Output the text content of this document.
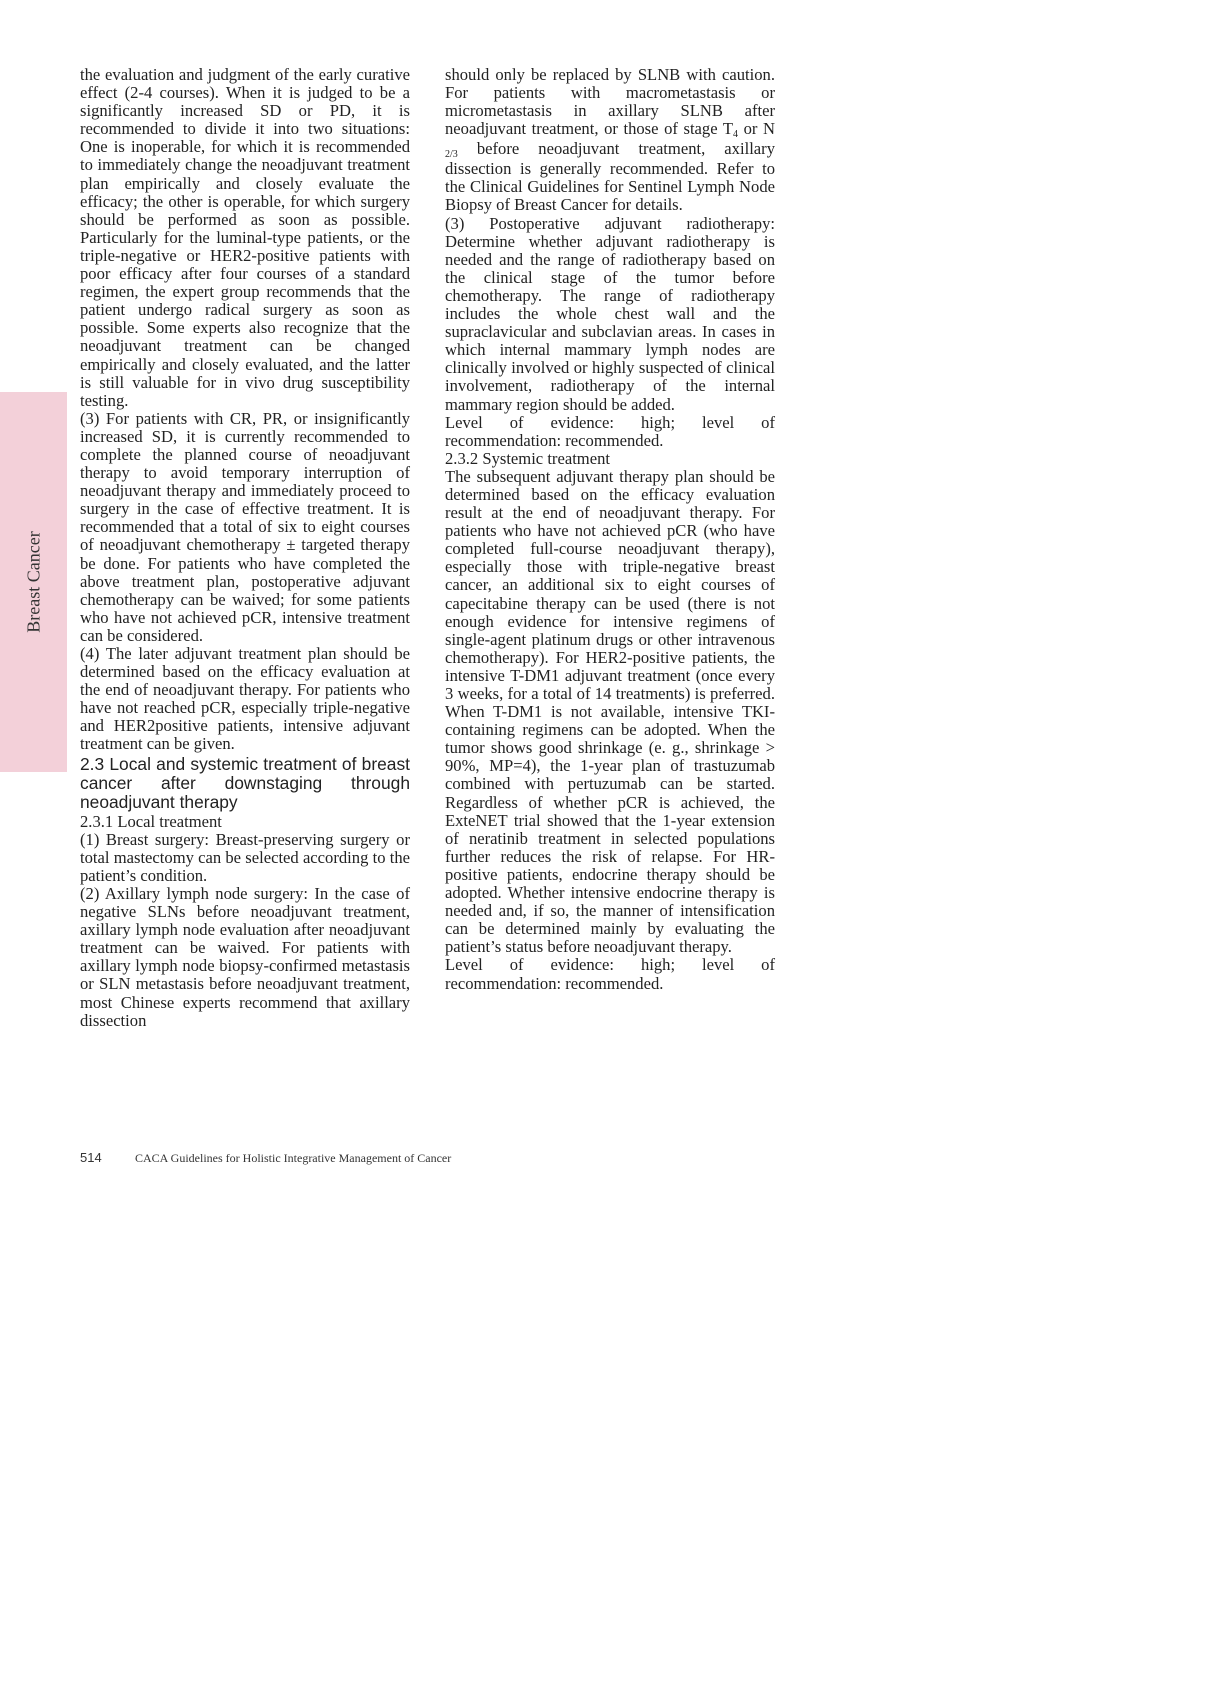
Breast Cancer

the evaluation and judgment of the early curative effect (2-4 courses). When it is judged to be a significantly increased SD or PD, it is recommended to divide it into two situations: One is inoperable, for which it is recommended to immediately change the neoadjuvant treatment plan empirically and closely evaluate the efficacy; the other is operable, for which surgery should be performed as soon as possible. Particularly for the luminal-type patients, or the triple-negative or HER2-positive patients with poor efficacy after four courses of a standard regimen, the expert group recommends that the patient undergo radical surgery as soon as possible. Some experts also recognize that the neoadjuvant treatment can be changed empirically and closely evaluated, and the latter is still valuable for in vivo drug susceptibility testing.

(3) For patients with CR, PR, or insignificantly increased SD, it is currently recommended to complete the planned course of neoadjuvant therapy to avoid temporary interruption of neoadjuvant therapy and immediately proceed to surgery in the case of effective treatment. It is recommended that a total of six to eight courses of neoadjuvant chemotherapy ± targeted therapy be done. For patients who have completed the above treatment plan, postoperative adjuvant chemotherapy can be waived; for some patients who have not achieved pCR, intensive treatment can be considered.

(4) The later adjuvant treatment plan should be determined based on the efficacy evaluation at the end of neoadjuvant therapy. For patients who have not reached pCR, especially triple-negative and HER2positive patients, intensive adjuvant treatment can be given.

2.3 Local and systemic treatment of breast cancer after downstaging through neoadjuvant therapy

2.3.1 Local treatment

(1) Breast surgery: Breast-preserving surgery or total mastectomy can be selected according to the patient’s condition.

(2) Axillary lymph node surgery: In the case of negative SLNs before neoadjuvant treatment, axillary lymph node evaluation after neoadjuvant treatment can be waived. For patients with axillary lymph node biopsy-confirmed metastasis or SLN metastasis before neoadjuvant treatment, most Chinese experts recommend that axillary dissection

should only be replaced by SLNB with caution. For patients with macrometastasis or micrometastasis in axillary SLNB after neoadjuvant treatment, or those of stage T4 or N2/3 before neoadjuvant treatment, axillary dissection is generally recommended. Refer to the Clinical Guidelines for Sentinel Lymph Node Biopsy of Breast Cancer for details.

(3) Postoperative adjuvant radiotherapy: Determine whether adjuvant radiotherapy is needed and the range of radiotherapy based on the clinical stage of the tumor before chemotherapy. The range of radiotherapy includes the whole chest wall and the supraclavicular and subclavian areas. In cases in which internal mammary lymph nodes are clinically involved or highly suspected of clinical involvement, radiotherapy of the internal mammary region should be added.

Level of evidence: high; level of recommendation: recommended.

2.3.2 Systemic treatment

The subsequent adjuvant therapy plan should be determined based on the efficacy evaluation result at the end of neoadjuvant therapy. For patients who have not achieved pCR (who have completed full-course neoadjuvant therapy), especially those with triple-negative breast cancer, an additional six to eight courses of capecitabine therapy can be used (there is not enough evidence for intensive regimens of single-agent platinum drugs or other intravenous chemotherapy). For HER2-positive patients, the intensive T-DM1 adjuvant treatment (once every 3 weeks, for a total of 14 treatments) is preferred. When T-DM1 is not available, intensive TKI-containing regimens can be adopted. When the tumor shows good shrinkage (e. g., shrinkage > 90%, MP=4), the 1-year plan of trastuzumab combined with pertuzumab can be started. Regardless of whether pCR is achieved, the ExteNET trial showed that the 1-year extension of neratinib treatment in selected populations further reduces the risk of relapse. For HR-positive patients, endocrine therapy should be adopted. Whether intensive endocrine therapy is needed and, if so, the manner of intensification can be determined mainly by evaluating the patient’s status before neoadjuvant therapy.

Level of evidence: high; level of recommendation: recommended.

514	CACA Guidelines for Holistic Integrative Management of Cancer
